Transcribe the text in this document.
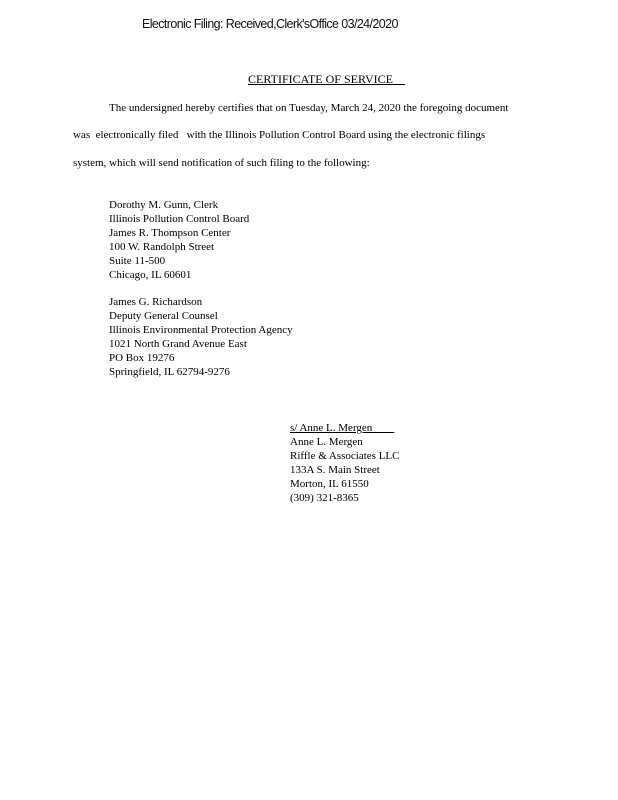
Electronic Filing: Received,Clerk'sOffice 03/24/2020
CERTIFICATE OF SERVICE
The undersigned hereby certifies that on Tuesday, March 24, 2020 the foregoing document
was  electronically filed   with the Illinois Pollution Control Board using the electronic filings
system, which will send notification of such filing to the following:
Dorothy M. Gunn, Clerk
Illinois Pollution Control Board
James R. Thompson Center
100 W. Randolph Street
Suite 11-500
Chicago, IL 60601
James G. Richardson
Deputy General Counsel
Illinois Environmental Protection Agency
1021 North Grand Avenue East
PO Box 19276
Springfield, IL 62794-9276
s/ Anne L. Mergen
Anne L. Mergen
Riffle & Associates LLC
133A S. Main Street
Morton, IL 61550
(309) 321-8365
